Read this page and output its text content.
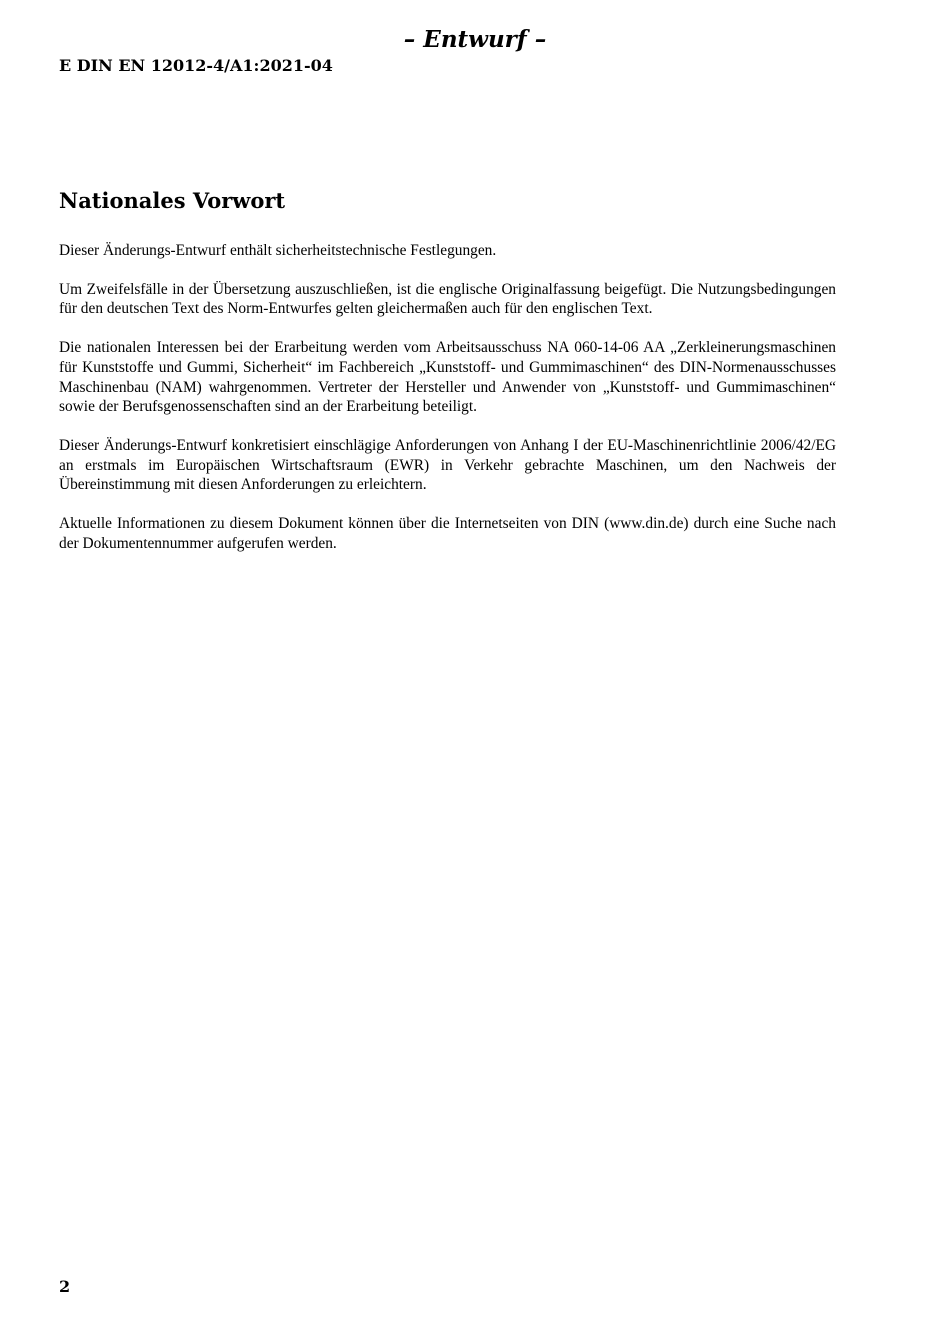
– Entwurf –
E DIN EN 12012-4/A1:2021-04
Nationales Vorwort

Dieser Änderungs-Entwurf enthält sicherheitstechnische Festlegungen.

Um Zweifelsfälle in der Übersetzung auszuschließen, ist die englische Originalfassung beigefügt. Die Nutzungsbedingungen für den deutschen Text des Norm-Entwurfes gelten gleichermaßen auch für den englischen Text.

Die nationalen Interessen bei der Erarbeitung werden vom Arbeitsausschuss NA 060-14-06 AA „Zerkleinerungsmaschinen für Kunststoffe und Gummi, Sicherheit“ im Fachbereich „Kunststoff- und Gummimaschinen“ des DIN-Normenausschusses Maschinenbau (NAM) wahrgenommen. Vertreter der Hersteller und Anwender von „Kunststoff- und Gummimaschinen“ sowie der Berufsgenossenschaften sind an der Erarbeitung beteiligt.

Dieser Änderungs-Entwurf konkretisiert einschlägige Anforderungen von Anhang I der EU-Maschinenrichtlinie 2006/42/EG an erstmals im Europäischen Wirtschaftsraum (EWR) in Verkehr gebrachte Maschinen, um den Nachweis der Übereinstimmung mit diesen Anforderungen zu erleichtern.

Aktuelle Informationen zu diesem Dokument können über die Internetseiten von DIN (www.din.de) durch eine Suche nach der Dokumentennummer aufgerufen werden.

2
